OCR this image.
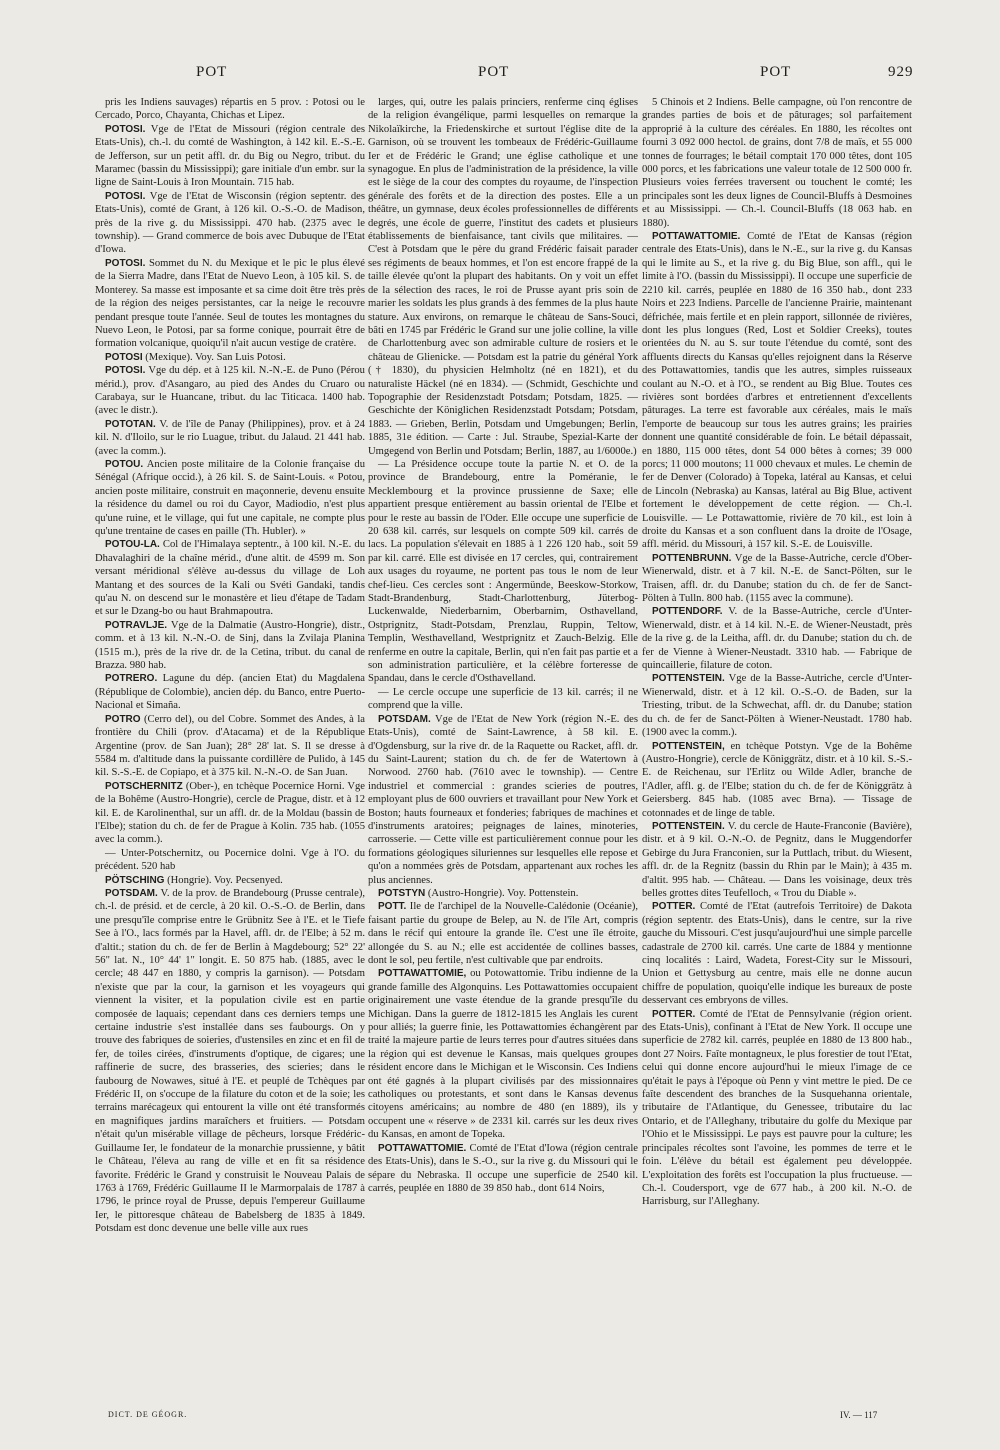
POT	POT	POT	929

pris les Indiens sauvages) répartis en 5 prov. : Potosi ou le Cercado, Porco, Chayanta, Chichas et Lipez.

POTOSI. Vge de l'Etat de Missouri (région centrale des Etats-Unis), ch.-l. du comté de Washington, à 142 kil. E.-S.-E. de Jefferson, sur un petit affl. dr. du Big ou Negro, tribut. du Maramec (bassin du Mississippi); gare initiale d'un embr. sur la ligne de Saint-Louis à Iron Mountain. 715 hab.

POTOSI. Vge de l'Etat de Wisconsin (région septentr. des Etats-Unis), comté de Grant, à 126 kil. O.-S.-O. de Madison, près de la rive g. du Mississippi. 470 hab. (2375 avec le township). — Grand commerce de bois avec Dubuque de l'Etat d'Iowa.

POTOSI. Sommet du N. du Mexique et le pic le plus élevé de la Sierra Madre, dans l'Etat de Nuevo Leon, à 105 kil. S. de Monterey. Sa masse est imposante et sa cime doit être très près de la région des neiges persistantes, car la neige le recouvre pendant presque toute l'année. Seul de toutes les montagnes du Nuevo Leon, le Potosi, par sa forme conique, pourrait être de formation volcanique, quoiqu'il n'ait aucun vestige de cratère.

POTOSI (Mexique). Voy. San Luis Potosi.

POTOSI. Vge du dép. et à 125 kil. N.-N.-E. de Puno (Pérou mérid.), prov. d'Asangaro, au pied des Andes du Cruaro ou Carabaya, sur le Huancane, tribut. du lac Titicaca. 1400 hab. (avec le distr.).

POTOTAN. V. de l'île de Panay (Philippines), prov. et à 24 kil. N. d'Iloilo, sur le rio Luague, tribut. du Jalaud. 21 441 hab. (avec la comm.).

POTOU. Ancien poste militaire de la Colonie française du Sénégal (Afrique occid.), à 26 kil. S. de Saint-Louis. « Potou, ancien poste militaire, construit en maçonnerie, devenu ensuite la résidence du damel ou roi du Cayor, Madiodio, n'est plus qu'une ruine, et le village, qui fut une capitale, ne compte plus qu'une trentaine de cases en paille (Th. Hubler). »

POTOU-LA. Col de l'Himalaya septentr., à 100 kil. N.-E. du Dhavalaghiri de la chaîne mérid., d'une altit. de 4599 m. Son versant méridional s'élève au-dessus du village de Loh Mantang et des sources de la Kali ou Svéti Gandaki, tandis qu'au N. on descend sur le monastère et lieu d'étape de Tadam et sur le Dzang-bo ou haut Brahmapoutra.

POTRAVLJE. Vge de la Dalmatie (Austro-Hongrie), distr., comm. et à 13 kil. N.-N.-O. de Sinj, dans la Zvilaja Planina (1515 m.), près de la rive dr. de la Cetina, tribut. du canal de Brazza. 980 hab.

POTRERO. Lagune du dép. (ancien Etat) du Magdalena (République de Colombie), ancien dép. du Banco, entre Puerto-Nacional et Simaña.

POTRO (Cerro del), ou del Cobre. Sommet des Andes, à la frontière du Chili (prov. d'Atacama) et de la République Argentine (prov. de San Juan); 28° 28' lat. S. Il se dresse à 5584 m. d'altitude dans la puissante cordillère de Pulido, à 145 kil. S.-S.-E. de Copiapo, et à 375 kil. N.-N.-O. de San Juan.

POTSCHERNITZ (Ober-), en tchèque Pocernice Horni. Vge de la Bohême (Austro-Hongrie), cercle de Prague, distr. et à 12 kil. E. de Karolinenthal, sur un affl. dr. de la Moldau (bassin de l'Elbe); station du ch. de fer de Prague à Kolin. 735 hab. (1055 avec la comm.).

— Unter-Potschernitz, ou Pocernice dolni. Vge à l'O. du précédent. 520 hab

PÖTSCHING (Hongrie). Voy. Pecsenyed.

POTSDAM. V. de la prov. de Brandebourg (Prusse centrale), ch.-l. de présid. et de cercle, à 20 kil. O.-S.-O. de Berlin, dans une presqu'île comprise entre le Grübnitz See à l'E. et le Tiefe See à l'O., lacs formés par la Havel, affl. dr. de l'Elbe; à 52 m. d'altit.; station du ch. de fer de Berlin à Magdebourg; 52° 22' 56" lat. N., 10° 44' 1" longit. E. 50 875 hab. (1885, avec le cercle; 48 447 en 1880, y compris la garnison). — Potsdam n'existe que par la cour, la garnison et les voyageurs qui viennent la visiter, et la population civile est en partie composée de laquais; cependant dans ces derniers temps une certaine industrie s'est installée dans ses faubourgs. On y trouve des fabriques de soieries, d'ustensiles en zinc et en fil de fer, de toiles cirées, d'instruments d'optique, de cigares; une raffinerie de sucre, des brasseries, des scieries; dans le faubourg de Nowawes, situé à l'E. et peuplé de Tchèques par Frédéric II, on s'occupe de la filature du coton et de la soie; les terrains marécageux qui entourent la ville ont été transformés en magnifiques jardins maraîchers et fruitiers. — Potsdam n'était qu'un misérable village de pêcheurs, lorsque Frédéric-Guillaume Ier, le fondateur de la monarchie prussienne, y bâtit le Château, l'éleva au rang de ville et en fit sa résidence favorite. Frédéric le Grand y construisit le Nouveau Palais de 1763 à 1769, Frédéric Guillaume II le Marmorpalais de 1787 à 1796, le prince royal de Prusse, depuis l'empereur Guillaume Ier, le pittoresque château de Babelsberg de 1835 à 1849. Potsdam est donc devenue une belle ville aux rues

larges, qui, outre les palais princiers, renferme cinq églises de la religion évangélique, parmi lesquelles on remarque la Nikolaïkirche, la Friedenskirche et surtout l'église dite de la Garnison, où se trouvent les tombeaux de Frédéric-Guillaume Ier et de Frédéric le Grand; une église catholique et une synagogue. En plus de l'administration de la présidence, la ville est le siège de la cour des comptes du royaume, de l'inspection générale des forêts et de la direction des postes. Elle a un théâtre, un gymnase, deux écoles professionnelles de différents degrés, une école de guerre, l'institut des cadets et plusieurs établissements de bienfaisance, tant civils que militaires. — C'est à Potsdam que le père du grand Frédéric faisait parader ses régiments de beaux hommes, et l'on est encore frappé de la taille élevée qu'ont la plupart des habitants. On y voit un effet de la sélection des races, le roi de Prusse ayant pris soin de marier les soldats les plus grands à des femmes de la plus haute stature. Aux environs, on remarque le château de Sans-Souci, bâti en 1745 par Frédéric le Grand sur une jolie colline, la ville de Charlottenburg avec son admirable culture de rosiers et le château de Glienicke. — Potsdam est la patrie du général York († 1830), du physicien Helmholtz (né en 1821), et du naturaliste Häckel (né en 1834). — (Schmidt, Geschichte und Topographie der Residenzstadt Potsdam; Potsdam, 1825. — Geschichte der Königlichen Residenzstadt Potsdam; Potsdam, 1883. — Grieben, Berlin, Potsdam und Umgebungen; Berlin, 1885, 31e édition. — Carte : Jul. Straube, Spezial-Karte der Umgegend von Berlin und Potsdam; Berlin, 1887, au 1/6000e.)

— La Présidence occupe toute la partie N. et O. de la province de Brandebourg, entre la Poméranie, le Mecklembourg et la province prussienne de Saxe; elle appartient presque entièrement au bassin oriental de l'Elbe et pour le reste au bassin de l'Oder. Elle occupe une superficie de 20 638 kil. carrés, sur lesquels on compte 509 kil. carrés de lacs. La population s'élevait en 1885 à 1 226 120 hab., soit 59 par kil. carré. Elle est divisée en 17 cercles, qui, contrairement aux usages du royaume, ne portent pas tous le nom de leur chef-lieu. Ces cercles sont : Angermünde, Beeskow-Storkow, Stadt-Brandenburg, Stadt-Charlottenburg, Jüterbog-Luckenwalde, Niederbarnim, Oberbarnim, Osthavelland, Ostprignitz, Stadt-Potsdam, Prenzlau, Ruppin, Teltow, Templin, Westhavelland, Westprignitz et Zauch-Belzig. Elle renferme en outre la capitale, Berlin, qui n'en fait pas partie et a son administration particulière, et la célèbre forteresse de Spandau, dans le cercle d'Osthavelland.

— Le cercle occupe une superficie de 13 kil. carrés; il ne comprend que la ville.

POTSDAM. Vge de l'Etat de New York (région N.-E. des Etats-Unis), comté de Saint-Lawrence, à 58 kil. E. d'Ogdensburg, sur la rive dr. de la Raquette ou Racket, affl. dr. du Saint-Laurent; station du ch. de fer de Watertown à Norwood. 2760 hab. (7610 avec le township). — Centre industriel et commercial : grandes scieries de poutres, employant plus de 600 ouvriers et travaillant pour New York et Boston; hauts fourneaux et fonderies; fabriques de machines et d'instruments aratoires; peignages de laines, minoteries, carrosserie. — Cette ville est particulièrement connue pour les formations géologiques siluriennes sur lesquelles elle repose et qu'on a nommées grès de Potsdam, appartenant aux roches les plus anciennes.

POTSTYN (Austro-Hongrie). Voy. Pottenstein.

POTT. Ile de l'archipel de la Nouvelle-Calédonie (Océanie), faisant partie du groupe de Belep, au N. de l'île Art, compris dans le récif qui entoure la grande île. C'est une île étroite, allongée du S. au N.; elle est accidentée de collines basses, dont le sol, peu fertile, n'est cultivable que par endroits.

POTTAWATTOMIE, ou Potowattomie. Tribu indienne de la grande famille des Algonquins. Les Pottawattomies occupaient originairement une vaste étendue de la grande presqu'île du Michigan. Dans la guerre de 1812-1815 les Anglais les curent pour alliés; la guerre finie, les Pottawattomies échangèrent par traité la majeure partie de leurs terres pour d'autres situées dans la région qui est devenue le Kansas, mais quelques groupes résident encore dans le Michigan et le Wisconsin. Ces Indiens ont été gagnés à la plupart civilisés par des missionnaires catholiques ou protestants, et sont dans le Kansas devenus citoyens américains; au nombre de 480 (en 1889), ils y occupent une « réserve » de 2331 kil. carrés sur les deux rives du Kansas, en amont de Topeka.

POTTAWATTOMIE. Comté de l'Etat d'Iowa (région centrale des Etats-Unis), dans le S.-O., sur la rive g. du Missouri qui le sépare du Nebraska. Il occupe une superficie de 2540 kil. carrés, peuplée en 1880 de 39 850 hab., dont 614 Noirs,

5 Chinois et 2 Indiens. Belle campagne, où l'on rencontre de grandes parties de bois et de pâturages; sol parfaitement approprié à la culture des céréales. En 1880, les récoltes ont fourni 3 092 000 hectol. de grains, dont 7/8 de maïs, et 55 000 tonnes de fourrages; le bétail comptait 170 000 têtes, dont 105 000 porcs, et les fabrications une valeur totale de 12 500 000 fr. Plusieurs voies ferrées traversent ou touchent le comté; les principales sont les deux lignes de Council-Bluffs à Desmoines et au Mississippi. — Ch.-l. Council-Bluffs (18 063 hab. en 1880).

POTTAWATTOMIE. Comté de l'Etat de Kansas (région centrale des Etats-Unis), dans le N.-E., sur la rive g. du Kansas qui le limite au S., et la rive g. du Big Blue, son affl., qui le limite à l'O. (bassin du Mississippi). Il occupe une superficie de 2210 kil. carrés, peuplée en 1880 de 16 350 hab., dont 233 Noirs et 223 Indiens. Parcelle de l'ancienne Prairie, maintenant défrichée, mais fertile et en plein rapport, sillonnée de rivières, dont les plus longues (Red, Lost et Soldier Creeks), toutes orientées du N. au S. sur toute l'étendue du comté, sont des affluents directs du Kansas qu'elles rejoignent dans la Réserve des Pottawattomies, tandis que les autres, simples ruisseaux coulant au N.-O. et à l'O., se rendent au Big Blue. Toutes ces rivières sont bordées d'arbres et entretiennent d'excellents pâturages. La terre est favorable aux céréales, mais le maïs l'emporte de beaucoup sur tous les autres grains; les prairies donnent une quantité considérable de foin. Le bétail dépassait, en 1880, 115 000 têtes, dont 54 000 bêtes à cornes; 39 000 porcs; 11 000 moutons; 11 000 chevaux et mules. Le chemin de fer de Denver (Colorado) à Topeka, latéral au Kansas, et celui de Lincoln (Nebraska) au Kansas, latéral au Big Blue, activent fortement le développement de cette région. — Ch.-l. Louisville. — Le Pottawattomie, rivière de 70 kil., est loin à droite du Kansas et a son confluent dans la droite de l'Osage, affl. mérid. du Missouri, à 157 kil. S.-E. de Louisville.

POTTENBRUNN. Vge de la Basse-Autriche, cercle d'Ober-Wienerwald, distr. et à 7 kil. N.-E. de Sanct-Pölten, sur le Traisen, affl. dr. du Danube; station du ch. de fer de Sanct-Pölten à Tulln. 800 hab. (1155 avec la commune).

POTTENDORF. V. de la Basse-Autriche, cercle d'Unter-Wienerwald, distr. et à 14 kil. N.-E. de Wiener-Neustadt, près de la rive g. de la Leitha, affl. dr. du Danube; station du ch. de fer de Vienne à Wiener-Neustadt. 3310 hab. — Fabrique de quincaillerie, filature de coton.

POTTENSTEIN. Vge de la Basse-Autriche, cercle d'Unter-Wienerwald, distr. et à 12 kil. O.-S.-O. de Baden, sur la Triesting, tribut. de la Schwechat, affl. dr. du Danube; station du ch. de fer de Sanct-Pölten à Wiener-Neustadt. 1780 hab. (1900 avec la comm.).

POTTENSTEIN, en tchèque Potstyn. Vge de la Bohême (Austro-Hongrie), cercle de Königgrätz, distr. et à 10 kil. S.-S.-E. de Reichenau, sur l'Erlitz ou Wilde Adler, branche de l'Adler, affl. g. de l'Elbe; station du ch. de fer de Königgrätz à Geiersberg. 845 hab. (1085 avec Brna). — Tissage de cotonnades et de linge de table.

POTTENSTEIN. V. du cercle de Haute-Franconie (Bavière), distr. et à 9 kil. O.-N.-O. de Pegnitz, dans le Muggendorfer Gebirge du Jura Franconien, sur la Puttlach, tribut. du Wiesent, affl. dr. de la Regnitz (bassin du Rhin par le Main); à 435 m. d'altit. 995 hab. — Château. — Dans les voisinage, deux très belles grottes dites Teufelloch, « Trou du Diable ».

POTTER. Comté de l'Etat (autrefois Territoire) de Dakota (région septentr. des Etats-Unis), dans le centre, sur la rive gauche du Missouri. C'est jusqu'aujourd'hui une simple parcelle cadastrale de 2700 kil. carrés. Une carte de 1884 y mentionne cinq localités : Laird, Wadeta, Forest-City sur le Missouri, Union et Gettysburg au centre, mais elle ne donne aucun chiffre de population, quoiqu'elle indique les bureaux de poste desservant ces embryons de villes.

POTTER. Comté de l'Etat de Pennsylvanie (région orient. des Etats-Unis), confinant à l'Etat de New York. Il occupe une superficie de 2782 kil. carrés, peuplée en 1880 de 13 800 hab., dont 27 Noirs. Faîte montagneux, le plus forestier de tout l'Etat, celui qui donne encore aujourd'hui le mieux l'image de ce qu'était le pays à l'époque où Penn y vint mettre le pied. De ce faîte descendent des branches de la Susquehanna orientale, tributaire de l'Atlantique, du Genessee, tributaire du lac Ontario, et de l'Alleghany, tributaire du golfe du Mexique par l'Ohio et le Mississippi. Le pays est pauvre pour la culture; les principales récoltes sont l'avoine, les pommes de terre et le foin. L'élève du bétail est également peu développée. L'exploitation des forêts est l'occupation la plus fructueuse. — Ch.-l. Coudersport, vge de 677 hab., à 200 kil. N.-O. de Harrisburg, sur l'Alleghany.

DICT. DE GÉOGR.	IV. — 117
